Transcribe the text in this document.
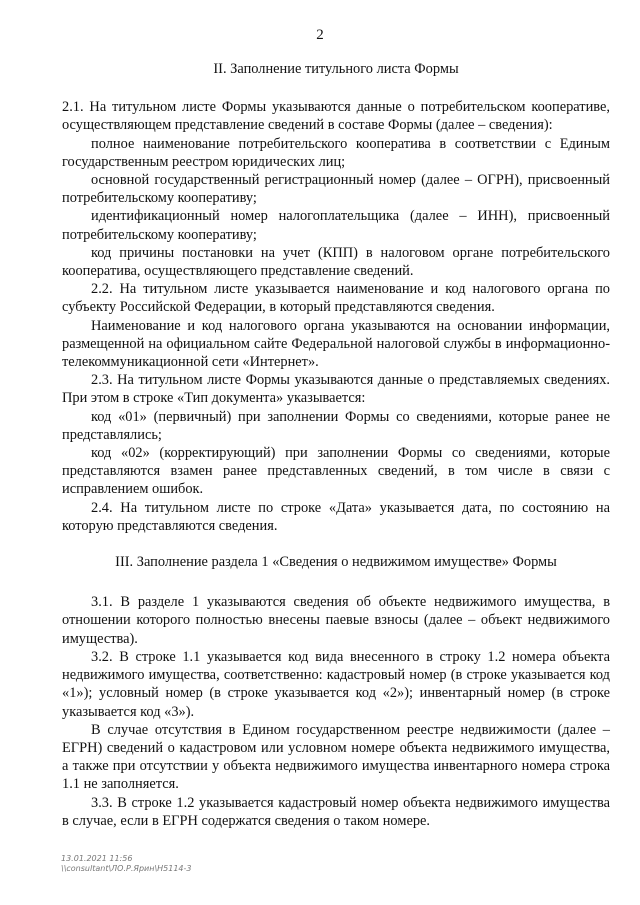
2

II. Заполнение титульного листа Формы

2.1. На титульном листе Формы указываются данные о потребительском кооперативе, осуществляющем представление сведений в составе Формы (далее – сведения):

полное наименование потребительского кооператива в соответствии с Единым государственным реестром юридических лиц;

основной государственный регистрационный номер (далее – ОГРН), присвоенный потребительскому кооперативу;

идентификационный номер налогоплательщика (далее – ИНН), присвоенный потребительскому кооперативу;

код причины постановки на учет (КПП) в налоговом органе потребительского кооператива, осуществляющего представление сведений.

2.2. На титульном листе указывается наименование и код налогового органа по субъекту Российской Федерации, в который представляются сведения.

Наименование и код налогового органа указываются на основании информации, размещенной на официальном сайте Федеральной налоговой службы в информационно-телекоммуникационной сети «Интернет».

2.3. На титульном листе Формы указываются данные о представляемых сведениях. При этом в строке «Тип документа» указывается:

код «01» (первичный) при заполнении Формы со сведениями, которые ранее не представлялись;

код «02» (корректирующий) при заполнении Формы со сведениями, которые представляются взамен ранее представленных сведений, в том числе в связи с исправлением ошибок.

2.4. На титульном листе по строке «Дата» указывается дата, по состоянию на которую представляются сведения.

III. Заполнение раздела 1 «Сведения о недвижимом имуществе» Формы

3.1. В разделе 1 указываются сведения об объекте недвижимого имущества, в отношении которого полностью внесены паевые взносы (далее – объект недвижимого имущества).

3.2. В строке 1.1 указывается код вида внесенного в строку 1.2 номера объекта недвижимого имущества, соответственно: кадастровый номер (в строке указывается код «1»); условный номер (в строке указывается код «2»); инвентарный номер (в строке указывается код «3»).

В случае отсутствия в Едином государственном реестре недвижимости (далее – ЕГРН) сведений о кадастровом или условном номере объекта недвижимого имущества, а также при отсутствии у объекта недвижимого имущества инвентарного номера строка 1.1 не заполняется.

3.3. В строке 1.2 указывается кадастровый номер объекта недвижимого имущества в случае, если в ЕГРН содержатся сведения о таком номере.

13.01.2021 11:56
\\consultant\ЛО.Р.Ярин\Н5114-3
